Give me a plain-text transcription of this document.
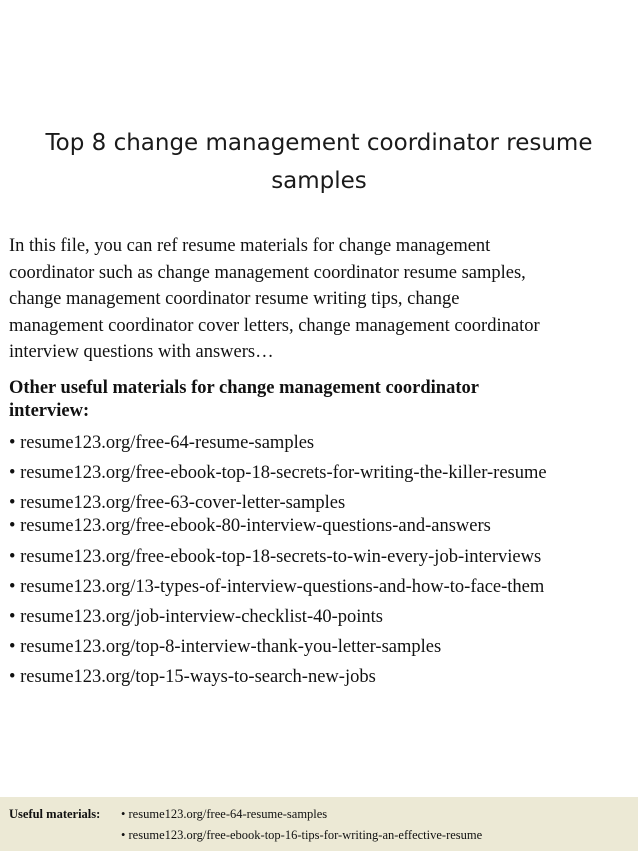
Top 8 change management coordinator resume
samples
In this file, you can ref resume materials for change management
coordinator such as change management coordinator resume samples,
change management coordinator resume writing tips, change
management coordinator cover letters, change management coordinator
interview questions with answers…
Other useful materials for change management coordinator
interview:
• resume123.org/free-64-resume-samples
• resume123.org/free-ebook-top-18-secrets-for-writing-the-killer-resume
• resume123.org/free-63-cover-letter-samples
• resume123.org/free-ebook-80-interview-questions-and-answers
• resume123.org/free-ebook-top-18-secrets-to-win-every-job-interviews
• resume123.org/13-types-of-interview-questions-and-how-to-face-them
• resume123.org/job-interview-checklist-40-points
• resume123.org/top-8-interview-thank-you-letter-samples
• resume123.org/top-15-ways-to-search-new-jobs
Useful materials: • resume123.org/free-64-resume-samples
• resume123.org/free-ebook-top-16-tips-for-writing-an-effective-resume
